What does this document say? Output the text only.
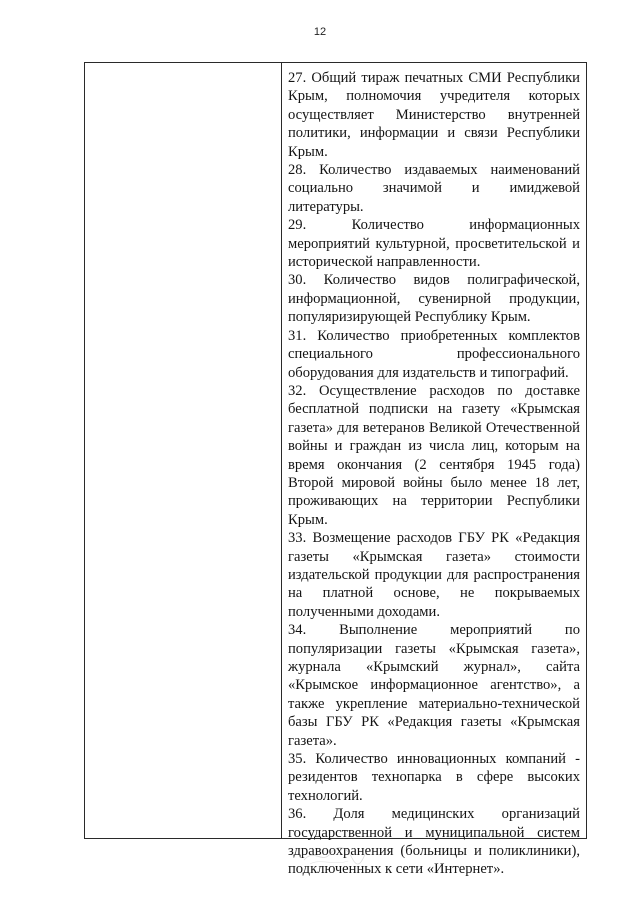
12

27. Общий тираж печатных СМИ Республики Крым, полномочия учредителя которых осуществляет Министерство внутренней политики, информации и связи Республики Крым.

28. Количество издаваемых наименований социально значимой и имиджевой литературы.

29. Количество информационных мероприятий культурной, просветительской и исторической направленности.

30. Количество видов полиграфической, информационной, сувенирной продукции, популяризирующей Республику Крым.

31. Количество приобретенных комплектов специального профессионального оборудования для издательств и типографий.

32. Осуществление расходов по доставке бесплатной подписки на газету «Крымская газета» для ветеранов Великой Отечественной войны и граждан из числа лиц, которым на время окончания (2 сентября 1945 года) Второй мировой войны было менее 18 лет, проживающих на территории Республики Крым.

33. Возмещение расходов ГБУ РК «Редакция газеты «Крымская газета» стоимости издательской продукции для распространения на платной основе, не покрываемых полученными доходами.

34. Выполнение мероприятий по популяризации газеты «Крымская газета», журнала «Крымский журнал», сайта «Крымское информационное агентство», а также укрепление материально-технической базы ГБУ РК «Редакция газеты «Крымская газета».

35. Количество инновационных компаний - резидентов технопарка в сфере высоких технологий.

36. Доля медицинских организаций государственной и муниципальной систем здравоохранения (больницы и поликлиники), подключенных к сети «Интернет».
